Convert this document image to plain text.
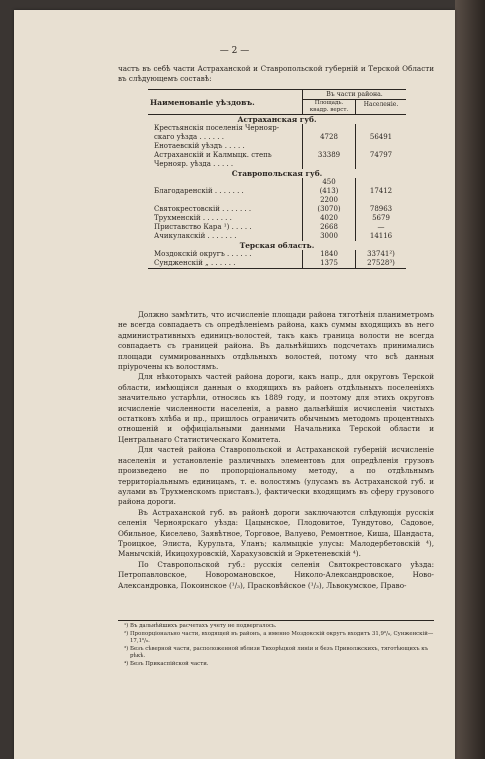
— 2 —
частъ въ себѣ части Астраханской и Ставропольской губерній и Терской Области въ слѣдующемъ составѣ:
Наименованіе уѣздовъ.	Въ части района.	
	Площадь. квадр. верст.	Населеніе.
Астраханская губ.		
Крестьянскія поселенія Чернояр-		
скаго уѣзда . . . . . .	4728	56491
Енотаевскій уѣздъ . . . . .		
Астраханскій и Калмыцк. степь	33389	74797
Чернояр. уѣзда . . . . .		
Ставропольская губ.		
	450	
Благодаренскій . . . . . . .	(413)	17412
	2200	
Святокрестовскій . . . . . . .	(3070)	78963
Трухменскій . . . . . . .	4020	5679
Приставство Кара ¹) . . . . .	2668	—
Ачикулакскій . . . . . . .	3000	14116
Терская область.		
Моздокскій округъ . . . . . .	1840	33741²)
Сундженскій „ . . . . . .	1375	27528³)

Должно замѣтить, что исчисленіе площади района тяготѣнія планиметромъ не всегда совпадаетъ съ опредѣленіемъ района, какъ суммы входящихъ въ него административныхъ единицъ-волостей, такъ какъ граница волости не всегда совпадаетъ съ границей района. Въ дальнѣйшихъ подсчетахъ принимались площади суммированныхъ отдѣльныхъ волостей, потому что всѣ данныя пріурочены къ волостямъ.

Для нѣкоторыхъ частей района дороги, какъ напр., для округовъ Терской области, имѣющіяся данныя о входящихъ въ районъ отдѣльныхъ поселеніяхъ значительно устарѣли, относясь къ 1889 году, и поэтому для этихъ округовъ исчисленіе численности населенія, а равно дальнѣйшія исчисленія чистыхъ остатковъ хлѣба и пр., пришлось ограничить обычнымъ методомъ процентныхъ отношеній и оффиціальными данными Начальника Терской области и Центральнаго Статистическаго Комитета.

Для частей района Ставропольской и Астраханской губерній исчисленіе населенія и установленіе различныхъ элементовъ для опредѣленія грузовъ произведено не по пропорціональному методу, а по отдѣльнымъ территоріальнымъ единицамъ, т. е. волостямъ (улусамъ въ Астраханской губ. и аулами въ Трухменскомъ приставъ.), фактически входящимъ въ сферу грузового района дороги.

Въ Астраханской губ. въ районѣ дороги заключаются слѣдующія русскія селенія Черноярскаго уѣзда: Цацынское, Плодовитое, Тундутово, Садовое, Обильное, Киселево, Заявѣтное, Торговое, Валуево, Ремонтное, Киша, Шандаста, Троицкое, Элиста, Курульта, Уланъ; калмыцкіе улусы: Малодербетовскій ⁴), Манычскій, Икицохуровскій, Харахузовскій и Эркетеневскій ⁴).

По Ставропольской губ.: русскія селенія Святокрестовскаго уѣзда: Петропавловское, Новоромановское, Николо-Александровское, Ново-Александровка, Покоинское (¹/₃), Прасковѣйское (¹/₃), Львокумское, Право-

¹) Въ дальнѣйшихъ расчетахъ учету не подвергалось.
²) Пропорціонально части, входящей въ районъ, а именно Моздокскій округъ входитъ 31,9⁰/₀, Сунженскій—17,1⁰/₀.
³) Безъ сѣверной части, расположенной вблизи Тихорѣцкой линіи и безъ Приволжскихъ, тяготѣющихъ къ рѣкѣ.
⁴) Безъ Прикаспійской части.
